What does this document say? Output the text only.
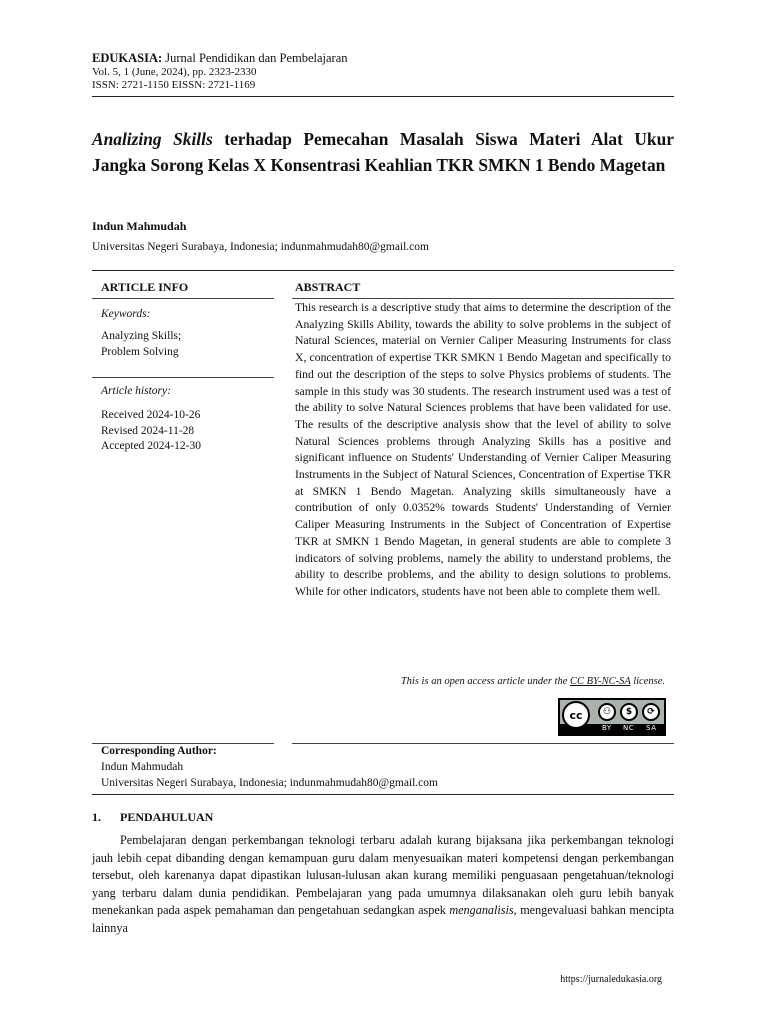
EDUKASIA: Jurnal Pendidikan dan Pembelajaran
Vol. 5, 1 (June, 2024), pp. 2323-2330
ISSN: 2721-1150 EISSN: 2721-1169
Analizing Skills terhadap Pemecahan Masalah Siswa Materi Alat Ukur Jangka Sorong Kelas X Konsentrasi Keahlian TKR SMKN 1 Bendo Magetan
Indun Mahmudah
Universitas Negeri Surabaya, Indonesia; indunmahmudah80@gmail.com
ARTICLE INFO
Keywords:
Analyzing Skills;
Problem Solving
Article history:
Received 2024-10-26
Revised 2024-11-28
Accepted 2024-12-30
ABSTRACT
This research is a descriptive study that aims to determine the description of the Analyzing Skills Ability, towards the ability to solve problems in the subject of Natural Sciences, material on Vernier Caliper Measuring Instruments for class X, concentration of expertise TKR SMKN 1 Bendo Magetan and specifically to find out the description of the steps to solve Physics problems of students. The sample in this study was 30 students. The research instrument used was a test of the ability to solve Natural Sciences problems that have been validated for use. The results of the descriptive analysis show that the level of ability to solve Natural Sciences problems through Analyzing Skills has a positive and significant influence on Students' Understanding of Vernier Caliper Measuring Instruments in the Subject of Natural Sciences, Concentration of Expertise TKR at SMKN 1 Bendo Magetan. Analyzing skills simultaneously have a contribution of only 0.0352% towards Students' Understanding of Vernier Caliper Measuring Instruments in the Subject of Concentration of Expertise TKR at SMKN 1 Bendo Magetan, in general students are able to complete 3 indicators of solving problems, namely the ability to understand problems, the ability to describe problems, and the ability to design solutions to problems. While for other indicators, students have not been able to complete them well.
This is an open access article under the CC BY-NC-SA license.
cc	⚇	$	⟳
BY NC SA
Corresponding Author:
Indun Mahmudah
Universitas Negeri Surabaya, Indonesia; indunmahmudah80@gmail.com
1. PENDAHULUAN

Pembelajaran dengan perkembangan teknologi terbaru adalah kurang bijaksana jika perkembangan teknologi jauh lebih cepat dibanding dengan kemampuan guru dalam menyesuaikan materi kompetensi dengan perkembangan tersebut, oleh karenanya dapat dipastikan lulusan-lulusan akan kurang memiliki penguasaan pengetahuan/teknologi yang terbaru dalam dunia pendidikan. Pembelajaran yang pada umumnya dilaksanakan oleh guru lebih banyak menekankan pada aspek pemahaman dan pengetahuan sedangkan aspek menganalisis, mengevaluasi bahkan mencipta lainnya

https://jurnaledukasia.org
